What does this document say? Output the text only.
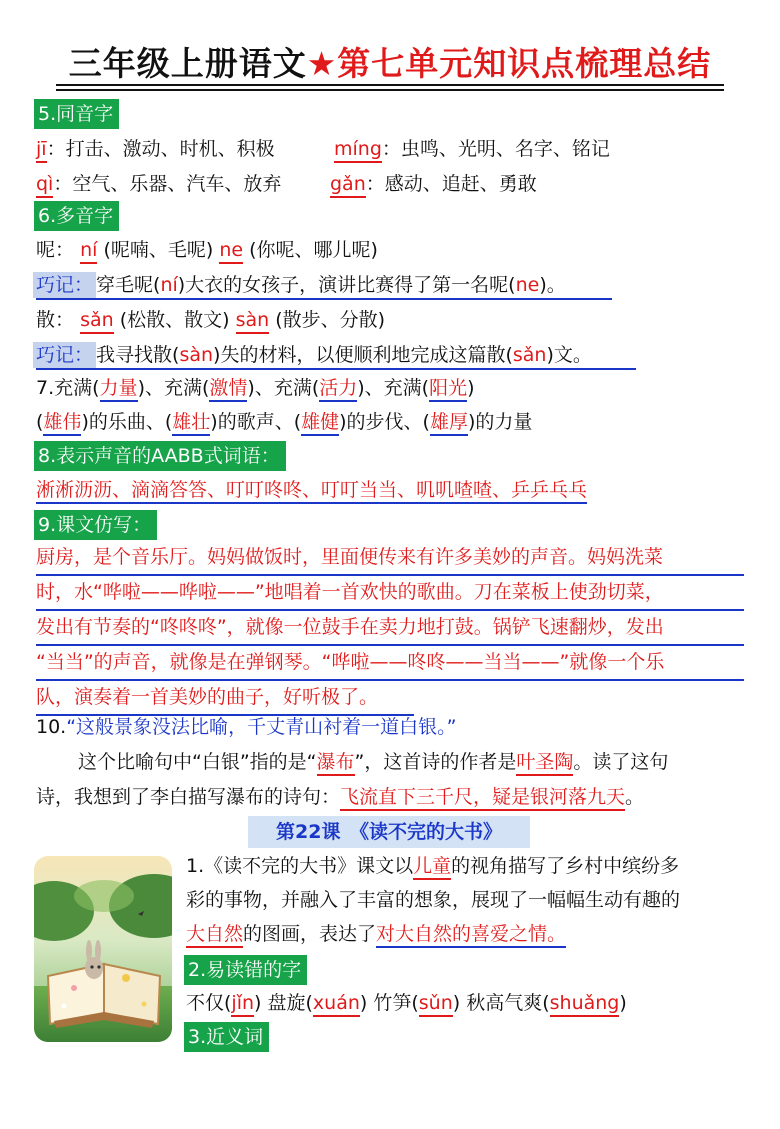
三年级上册语文★第七单元知识点梳理总结
5.同音字
jī：打击、激动、时机、积极	míng：虫鸣、光明、名字、铭记
qì：空气、乐器、汽车、放弃	gǎn：感动、追赶、勇敢
6.多音字
呢： ní (呢喃、毛呢) ne (你呢、哪儿呢)
巧记： 穿毛呢(ní)大衣的女孩子，演讲比赛得了第一名呢(ne)。
散： sǎn (松散、散文) sàn (散步、分散)
巧记： 我寻找散(sàn)失的材料，以便顺利地完成这篇散(sǎn)文。
7.充满(力量)、充满(激情)、充满(活力)、充满(阳光)
(雄伟)的乐曲、(雄壮)的歌声、(雄健)的步伐、(雄厚)的力量
8.表示声音的AABB式词语：
淅淅沥沥、滴滴答答、叮叮咚咚、叮叮当当、叽叽喳喳、乒乒乓乓
9.课文仿写：
厨房，是个音乐厅。妈妈做饭时，里面便传来有许多美妙的声音。妈妈洗菜
时，水“哗啦——哗啦——”地唱着一首欢快的歌曲。刀在菜板上使劲切菜，
发出有节奏的“咚咚咚”，就像一位鼓手在卖力地打鼓。锅铲飞速翻炒，发出
“当当”的声音，就像是在弹钢琴。“哗啦——咚咚——当当——”就像一个乐
队，演奏着一首美妙的曲子，好听极了。
10.“这般景象没法比喻，千丈青山衬着一道白银。”
这个比喻句中“白银”指的是“瀑布”，这首诗的作者是叶圣陶。读了这句
诗，我想到了李白描写瀑布的诗句：飞流直下三千尺，疑是银河落九天。
第22课　《读不完的大书》
1.《读不完的大书》课文以儿童的视角描写了乡村中缤纷多
彩的事物，并融入了丰富的想象，展现了一幅幅生动有趣的
大自然的图画，表达了对大自然的喜爱之情。
2.易读错的字
不仅(jǐn) 盘旋(xuán) 竹笋(sǔn) 秋高气爽(shuǎng)
3.近义词
